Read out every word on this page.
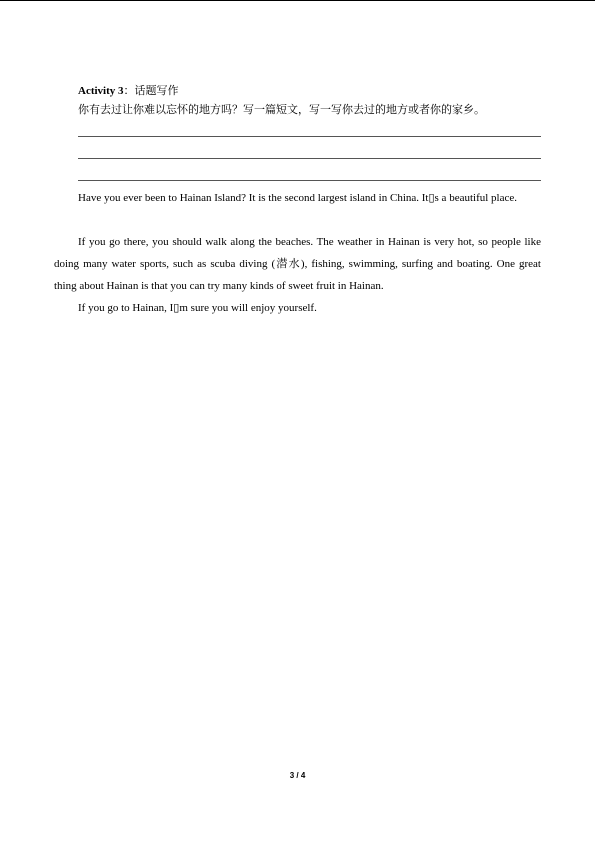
Activity 3：话题写作
你有去过让你难以忘怀的地方吗？写一篇短文，写一写你去过的地方或者你的家乡。
Have you ever been to Hainan Island? It is the second largest island in China. It▯s a beautiful place.
If you go there, you should walk along the beaches. The weather in Hainan is very hot, so people like doing many water sports, such as scuba diving (潜水), fishing, swimming, surfing and boating. One great thing about Hainan is that you can try many kinds of sweet fruit in Hainan.
If you go to Hainan, I▯m sure you will enjoy yourself.
3 / 4
